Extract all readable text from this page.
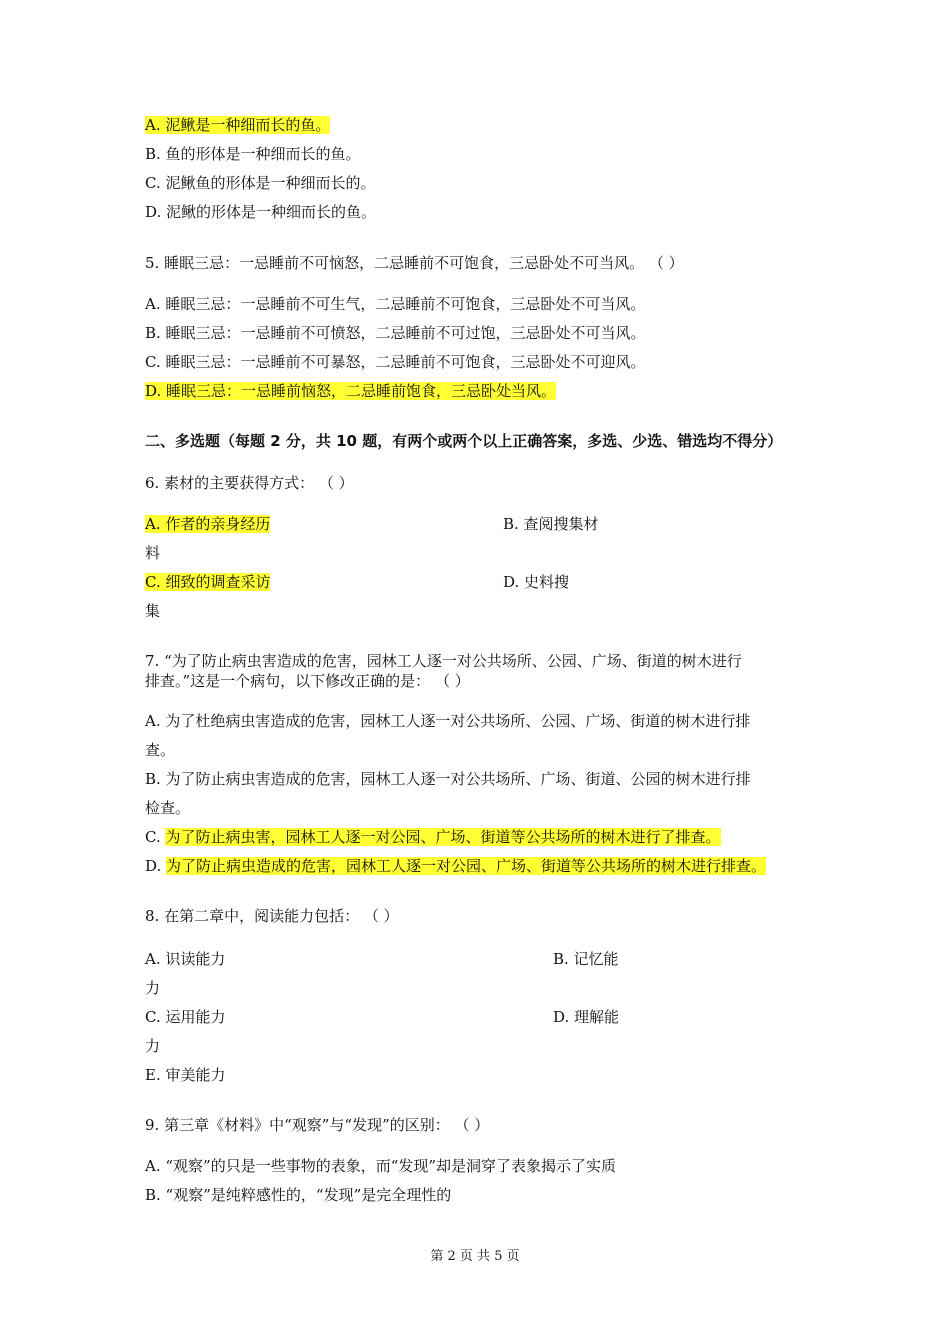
A. 泥鳅是一种细而长的鱼。
B. 鱼的形体是一种细而长的鱼。
C. 泥鳅鱼的形体是一种细而长的。
D. 泥鳅的形体是一种细而长的鱼。
5. 睡眠三忌：一忌睡前不可恼怒，二忌睡前不可饱食，三忌卧处不可当风。 （ ）
A. 睡眠三忌：一忌睡前不可生气，二忌睡前不可饱食，三忌卧处不可当风。
B. 睡眠三忌：一忌睡前不可愤怒，二忌睡前不可过饱，三忌卧处不可当风。
C. 睡眠三忌：一忌睡前不可暴怒，二忌睡前不可饱食，三忌卧处不可迎风。
D. 睡眠三忌：一忌睡前恼怒，二忌睡前饱食，三忌卧处当风。
二、多选题（每题 2 分，共 10 题，有两个或两个以上正确答案，多选、少选、错选均不得分）
6. 素材的主要获得方式： （ ）
A. 作者的亲身经历	B. 查阅搜集材
料
C. 细致的调查采访	D. 史料搜
集
7. “为了防止病虫害造成的危害，园林工人逐一对公共场所、公园、广场、街道的树木进行
排查。”这是一个病句，以下修改正确的是： （ ）
A. 为了杜绝病虫害造成的危害，园林工人逐一对公共场所、公园、广场、街道的树木进行排
查。
B. 为了防止病虫害造成的危害，园林工人逐一对公共场所、广场、街道、公园的树木进行排
检查。
C. 为了防止病虫害，园林工人逐一对公园、广场、街道等公共场所的树木进行了排查。
D. 为了防止病虫造成的危害，园林工人逐一对公园、广场、街道等公共场所的树木进行排查。
8. 在第二章中，阅读能力包括： （ ）
A. 识读能力	B. 记忆能
力
C. 运用能力	D. 理解能
力
E. 审美能力
9. 第三章《材料》中“观察”与“发现”的区别： （ ）
A. “观察”的只是一些事物的表象，而“发现”却是洞穿了表象揭示了实质
B. “观察”是纯粹感性的，“发现”是完全理性的
第 2 页 共 5 页
